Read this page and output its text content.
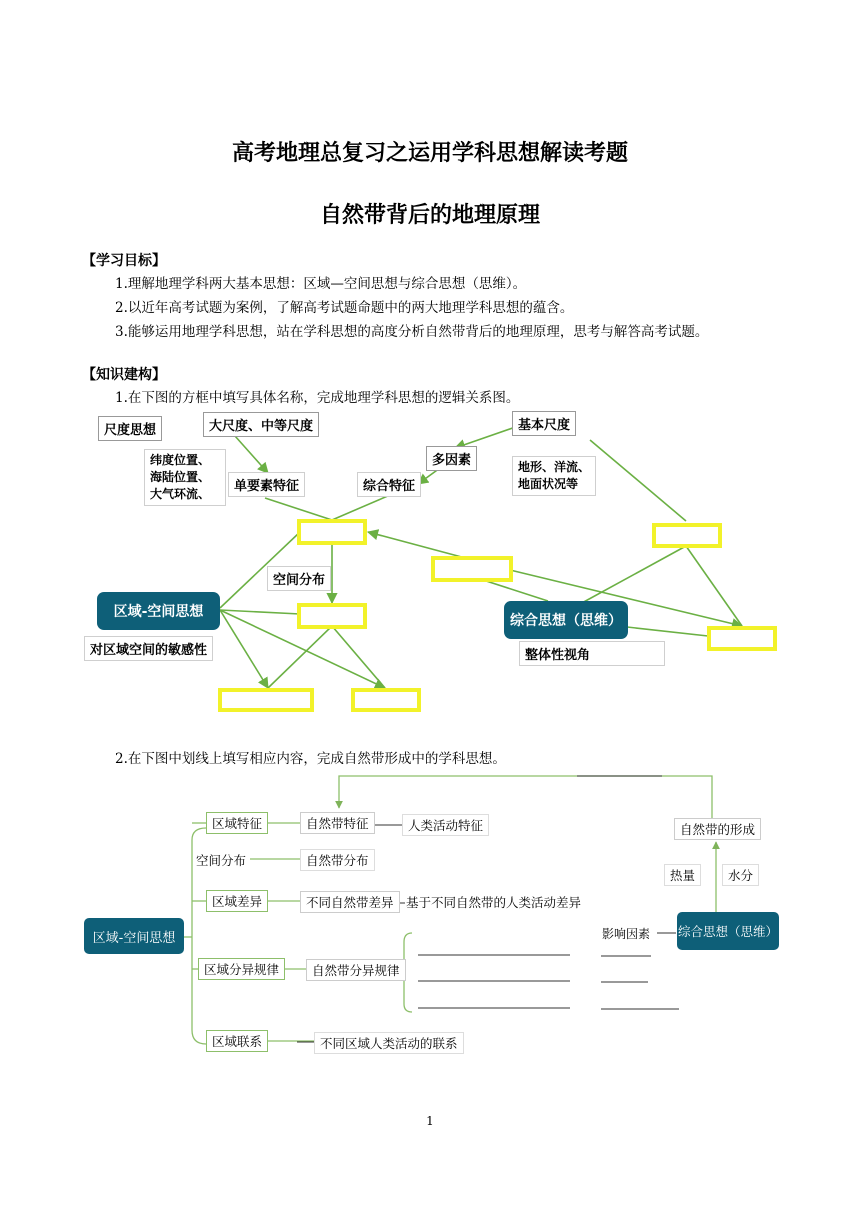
高考地理总复习之运用学科思想解读考题
自然带背后的地理原理
【学习目标】
1.理解地理学科两大基本思想：区域—空间思想与综合思想（思维）。
2.以近年高考试题为案例，了解高考试题命题中的两大地理学科思想的蕴含。
3.能够运用地理学科思想，站在学科思想的高度分析自然带背后的地理原理，思考与解答高考试题。
【知识建构】
1.在下图的方框中填写具体名称，完成地理学科思想的逻辑关系图。
尺度思想	大尺度、中等尺度	基本尺度
多因素
纬度位置、海陆位置、大气环流、
地形、洋流、地面状况等
单要素特征	综合特征
空间分布
区域-空间思想
对区域空间的敏感性
综合思想（思维）
整体性视角
2.在下图中划线上填写相应内容，完成自然带形成中的学科思想。
区域-空间思想
区域特征	自然带特征	人类活动特征
空间分布	自然带分布
区域差异	不同自然带差异 基于不同自然带的人类活动差异
区域分异规律	自然带分异规律
区域联系	不同区域人类活动的联系
自然带的形成
热量	水分
影响因素 综合思想（思维）
1
